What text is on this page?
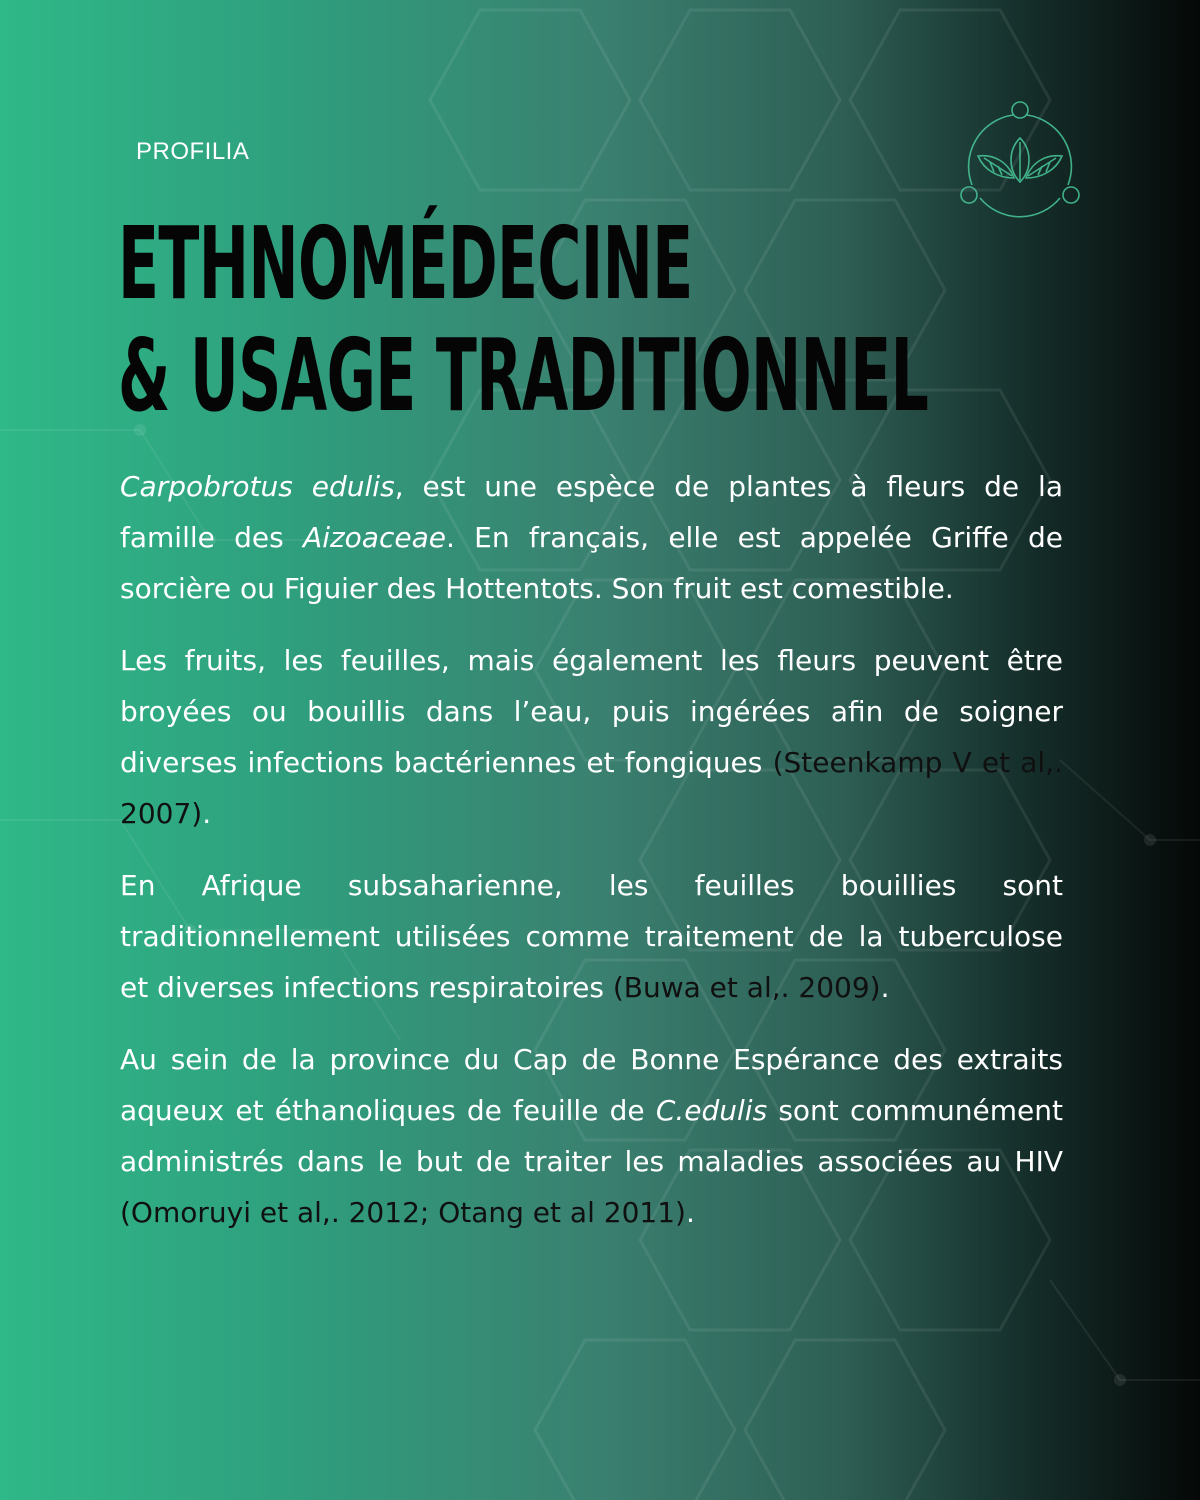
PROFILIA
ETHNOMÉDECINE
& USAGE TRADITIONNEL

Carpobrotus edulis, est une espèce de plantes à fleurs de la famille des Aizoaceae. En français, elle est appelée Griffe de sorcière ou Figuier des Hottentots. Son fruit est comestible.

Les fruits, les feuilles, mais également les fleurs peuvent être broyées ou bouillis dans l’eau, puis ingérées afin de soigner diverses infections bactériennes et fongiques (Steenkamp V et al,. 2007).

En Afrique subsaharienne, les feuilles bouillies sont traditionnellement utilisées comme traitement de la tuberculose et diverses infections respiratoires (Buwa et al,. 2009).

Au sein de la province du Cap de Bonne Espérance des extraits aqueux et éthanoliques de feuille de C.edulis sont communément administrés dans le but de traiter les maladies associées au HIV (Omoruyi et al,. 2012; Otang et al 2011).
